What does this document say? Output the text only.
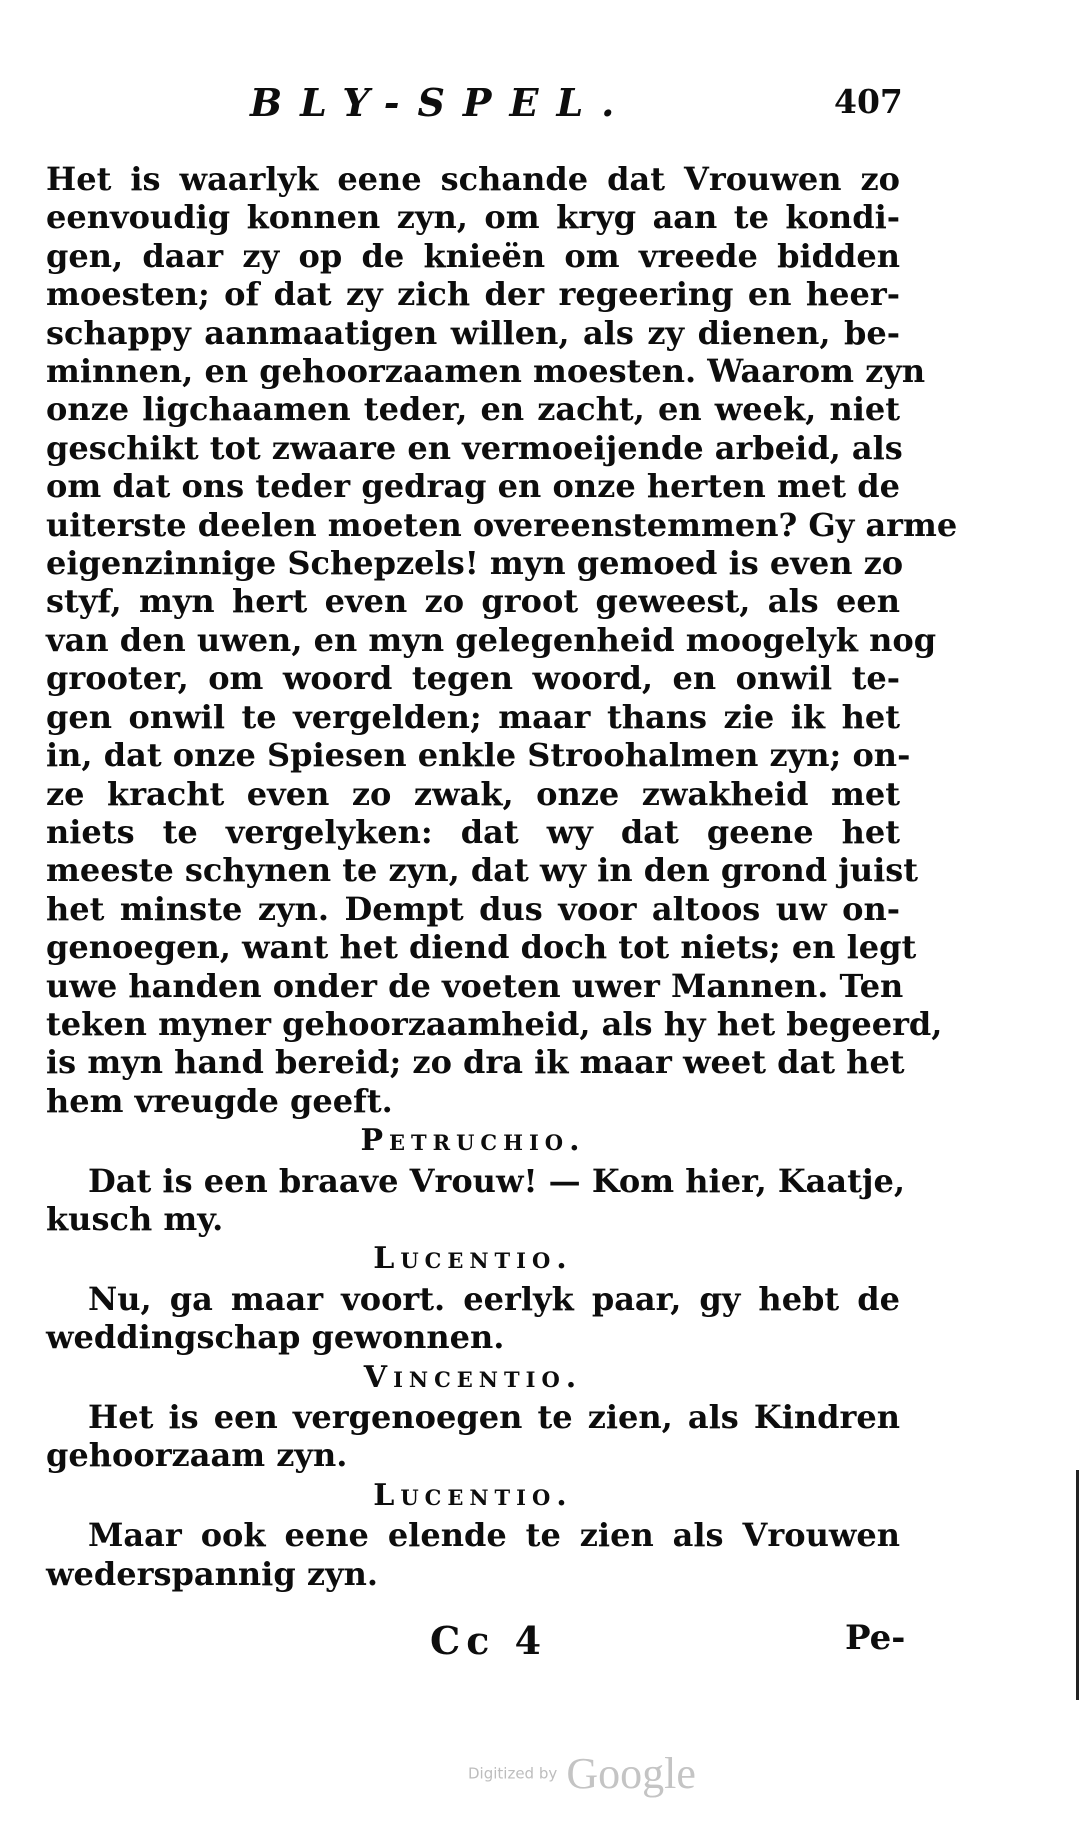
BLY-SPEL.	407
Het is waarlyk eene schande dat Vrouwen zo
eenvoudig konnen zyn, om kryg aan te kondi-
gen, daar zy op de knieën om vreede bidden
moesten; of dat zy zich der regeering en heer-
schappy aanmaatigen willen, als zy dienen, be-
minnen, en gehoorzaamen moesten. Waarom zyn
onze ligchaamen teder, en zacht, en week, niet
geschikt tot zwaare en vermoeijende arbeid, als
om dat ons teder gedrag en onze herten met de
uiterste deelen moeten overeenstemmen? Gy arme
eigenzinnige Schepzels! myn gemoed is even zo
styf, myn hert even zo groot geweest, als een
van den uwen, en myn gelegenheid moogelyk nog
grooter, om woord tegen woord, en onwil te-
gen onwil te vergelden; maar thans zie ik het
in, dat onze Spiesen enkle Stroohalmen zyn; on-
ze kracht even zo zwak, onze zwakheid met
niets te vergelyken: dat wy dat geene het
meeste schynen te zyn, dat wy in den grond juist
het minste zyn. Dempt dus voor altoos uw on-
genoegen, want het diend doch tot niets; en legt
uwe handen onder de voeten uwer Mannen. Ten
teken myner gehoorzaamheid, als hy het begeerd,
is myn hand bereid; zo dra ik maar weet dat het
hem vreugde geeft.
Petruchio.
Dat is een braave Vrouw! — Kom hier, Kaatje,
kusch my.
Lucentio.
Nu, ga maar voort. eerlyk paar, gy hebt de
weddingschap gewonnen.
Vincentio.
Het is een vergenoegen te zien, als Kindren
gehoorzaam zyn.
Lucentio.
Maar ook eene elende te zien als Vrouwen
wederspannig zyn.
Cc 4	Pe-
Digitized by Google
